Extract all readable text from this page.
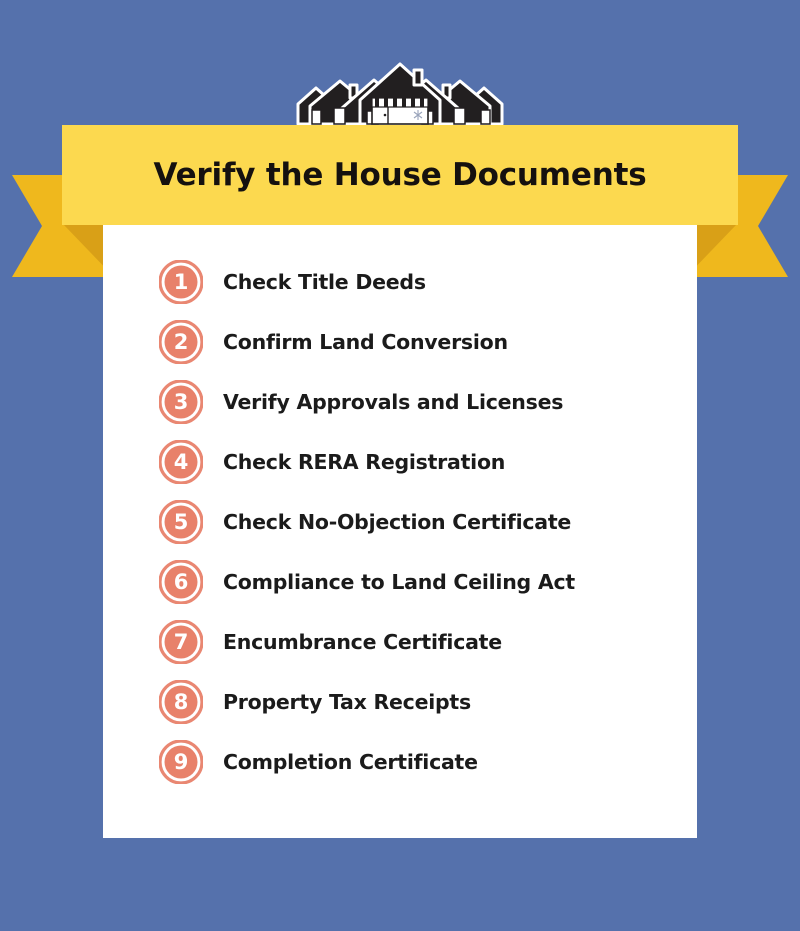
Verify the House Documents
1 Check Title Deeds
2 Confirm Land Conversion
3 Verify Approvals and Licenses
4 Check RERA Registration
5 Check No-Objection Certificate
6 Compliance to Land Ceiling Act
7 Encumbrance Certificate
8 Property Tax Receipts
9 Completion Certificate
